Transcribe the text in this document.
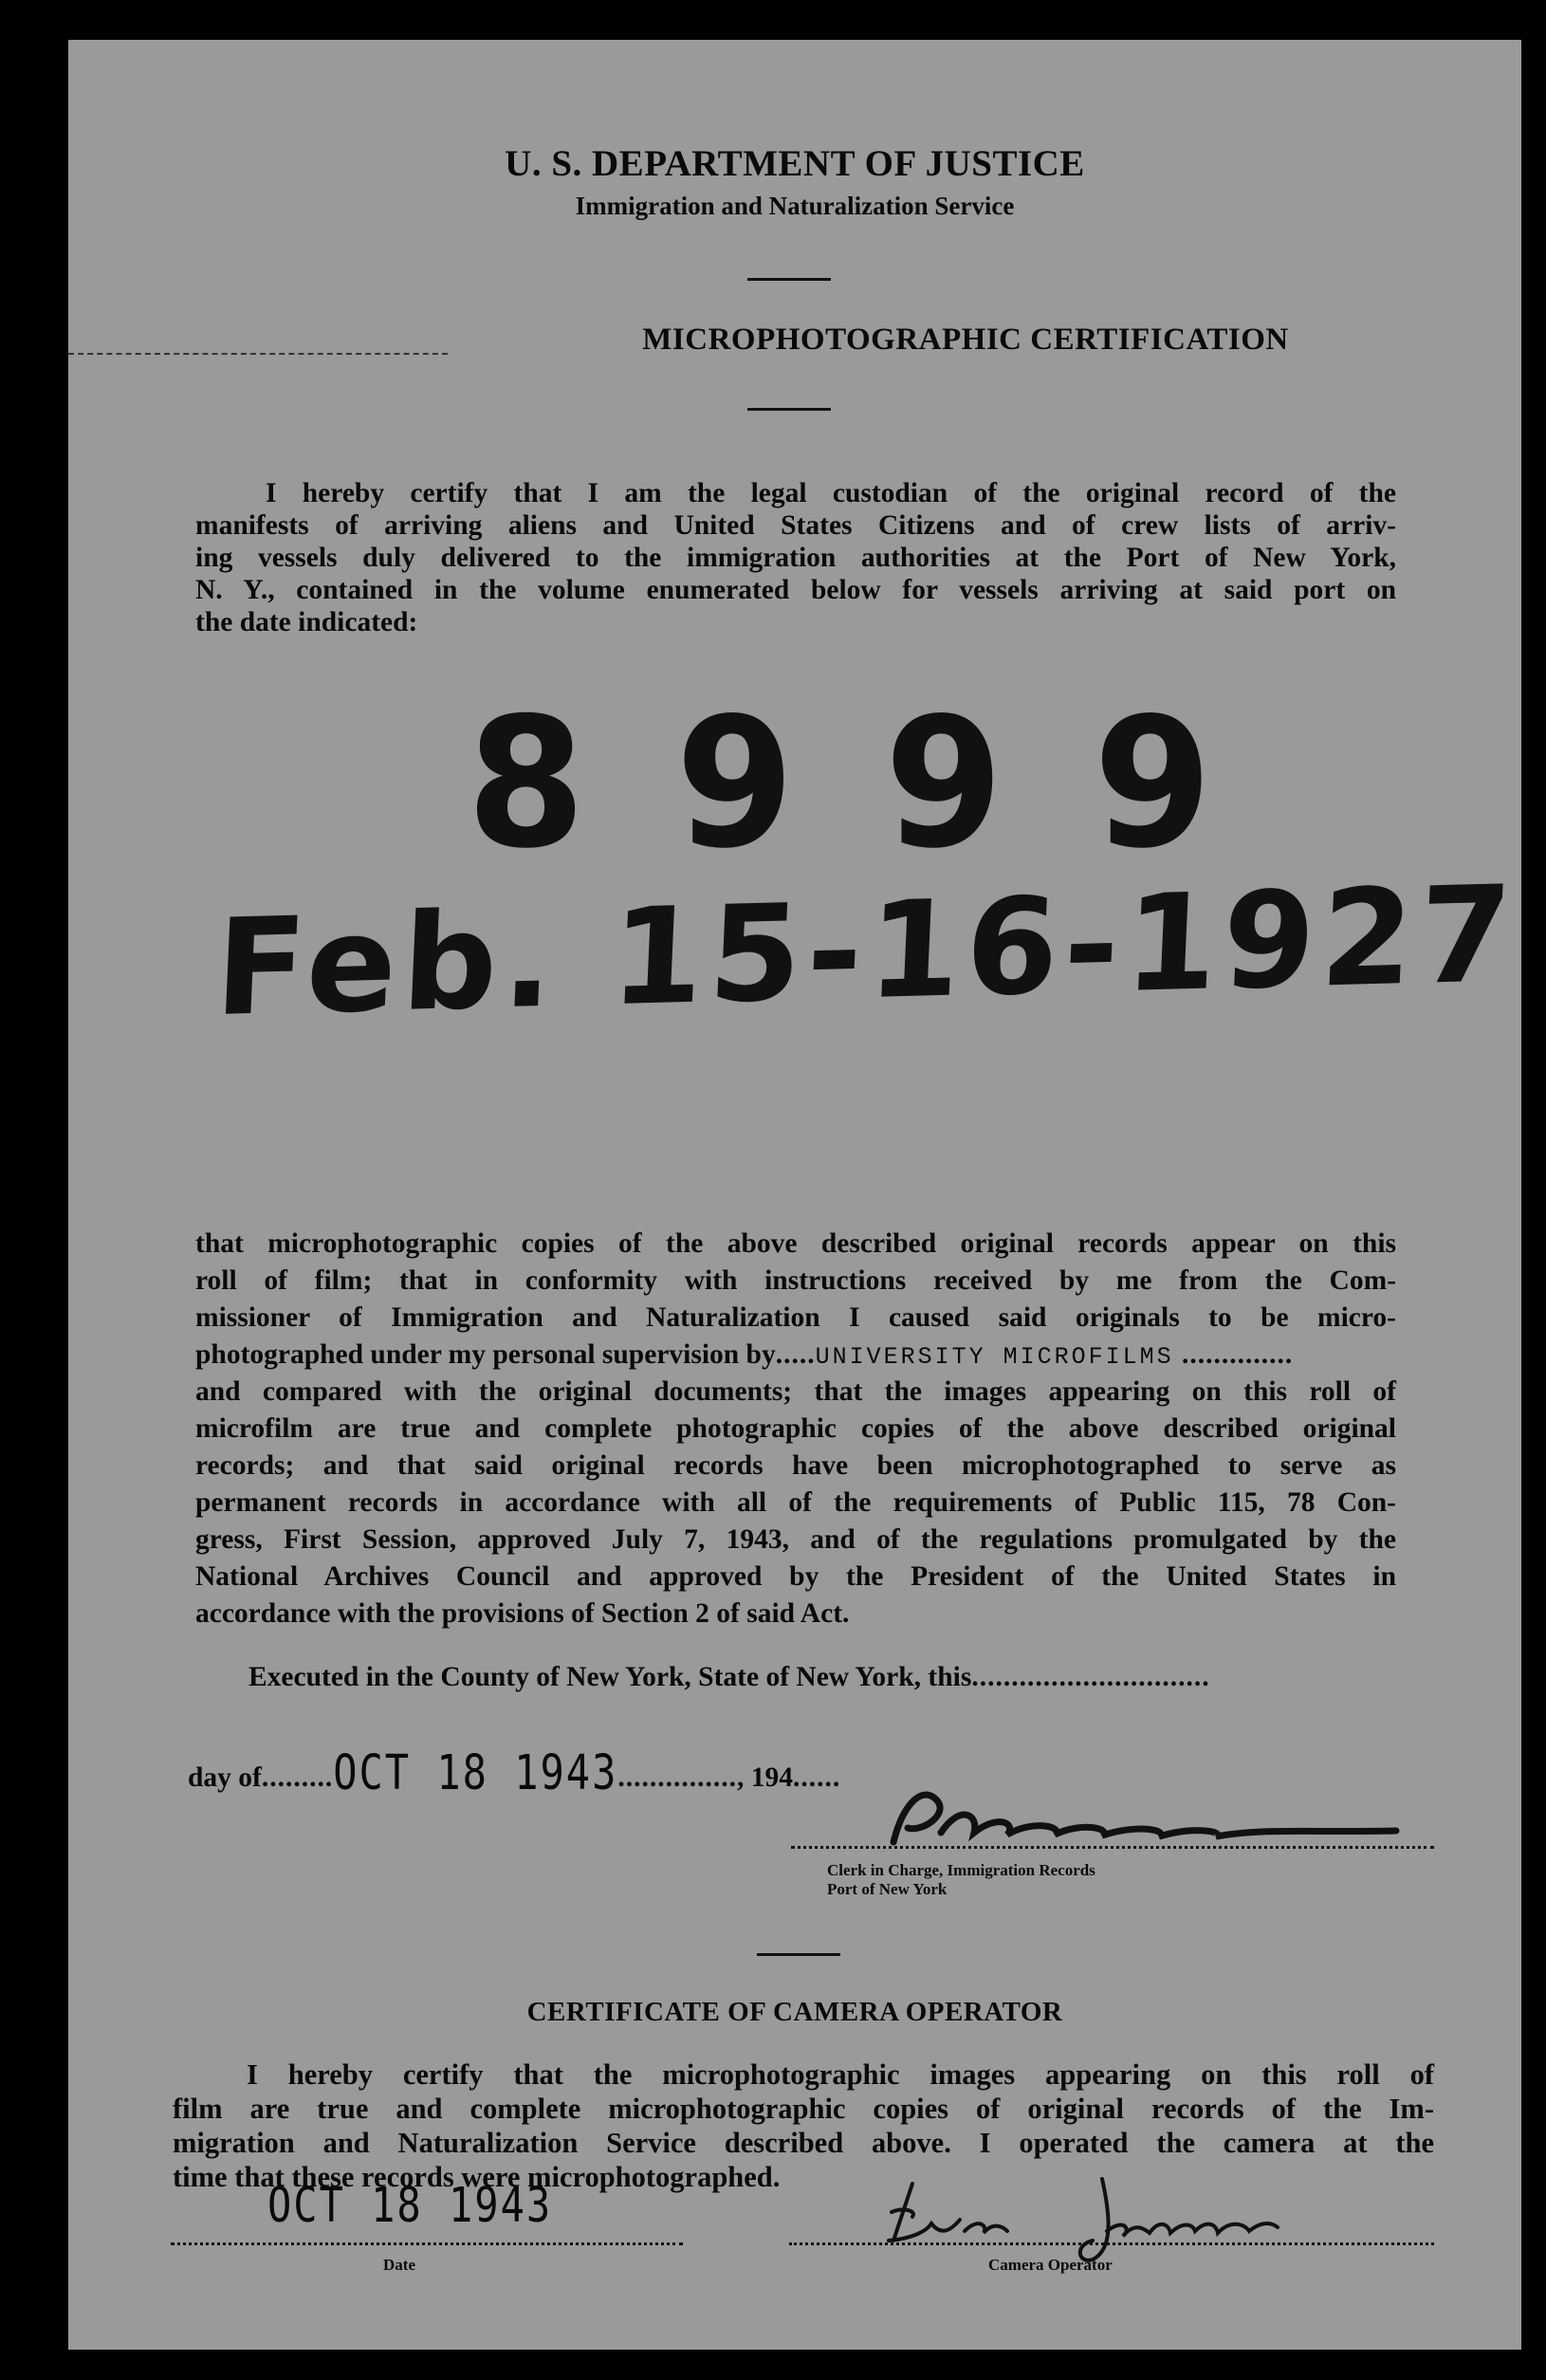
U. S. DEPARTMENT OF JUSTICE
Immigration and Naturalization Service
MICROPHOTOGRAPHIC CERTIFICATION
I hereby certify that I am the legal custodian of the original record of the

manifests of arriving aliens and United States Citizens and of crew lists of arriv-

ing vessels duly delivered to the immigration authorities at the Port of New York,

N. Y., contained in the volume enumerated below for vessels arriving at said port on

the date indicated:
8999
Feb. 15-16-1927
that microphotographic copies of the above described original records appear on this

roll of film; that in conformity with instructions received by me from the Com-

missioner of Immigration and Naturalization I caused said originals to be micro-

photographed under my personal supervision by.....UNIVERSITY MICROFILMS ..............

and compared with the original documents; that the images appearing on this roll of

microfilm are true and complete photographic copies of the above described original

records; and that said original records have been microphotographed to serve as

permanent records in accordance with all of the requirements of Public 115, 78 Con-

gress, First Session, approved July 7, 1943, and of the regulations promulgated by the

National Archives Council and approved by the President of the United States in

accordance with the provisions of Section 2 of said Act.
Executed in the County of New York, State of New York, this..............................
day of.........OCT 18 1943..............., 194......
Clerk in Charge, Immigration Records
Port of New York
CERTIFICATE OF CAMERA OPERATOR
I hereby certify that the microphotographic images appearing on this roll of

film are true and complete microphotographic copies of original records of the Im-

migration and Naturalization Service described above. I operated the camera at the

time that these records were microphotographed.
OCT 18 1943
Date	Camera Operator
